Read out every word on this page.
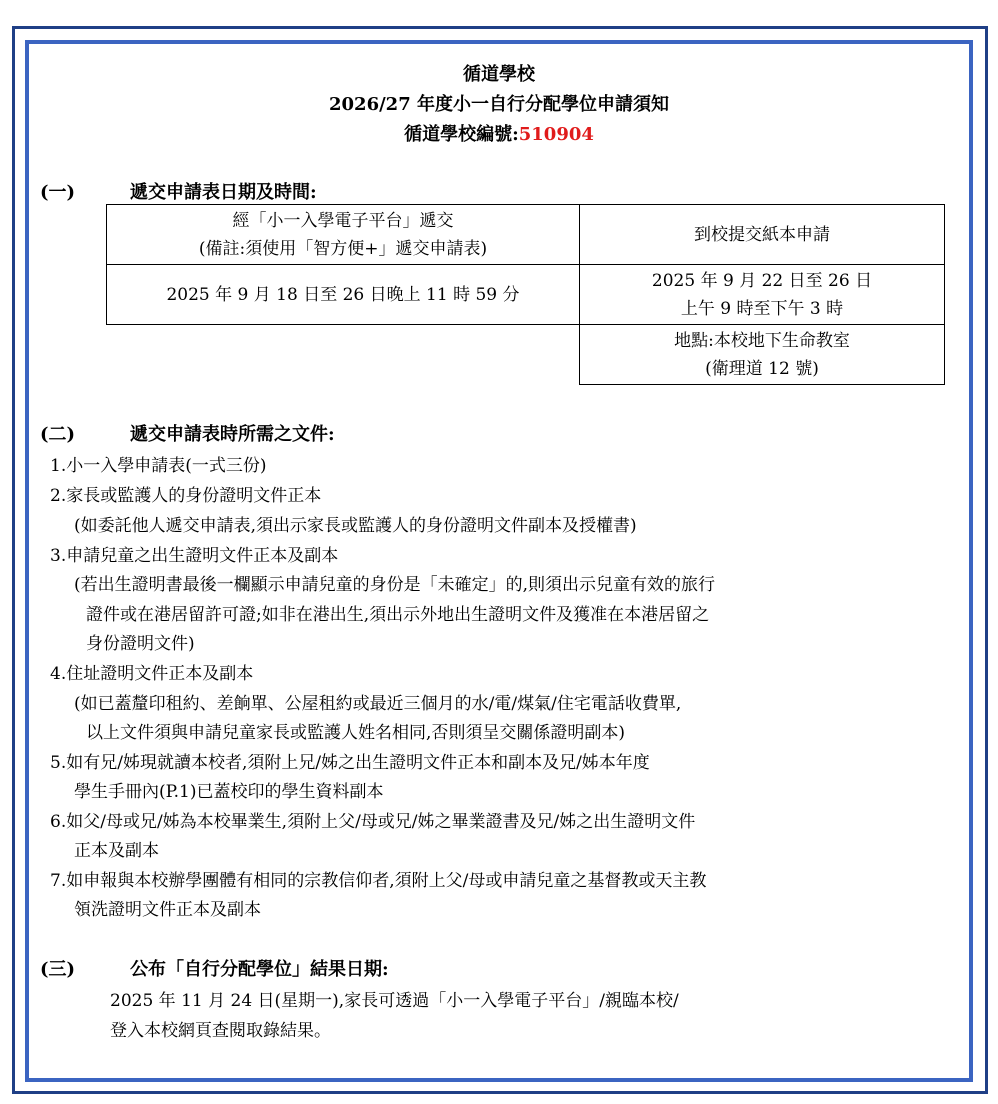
循道學校
2026/27 年度小一自行分配學位申請須知
循道學校編號:510904
(一)	遞交申請表日期及時間:
經「小一入學電子平台」遞交
(備註:須使用「智方便+」遞交申請表)	到校提交紙本申請
2025 年 9 月 18 日至 26 日晚上 11 時 59 分	2025 年 9 月 22 日至 26 日
上午 9 時至下午 3 時

	地點:本校地下生命教室
(衛理道 12 號)
(二)	遞交申請表時所需之文件:
1.小一入學申請表(一式三份)
2.家長或監護人的身份證明文件正本
(如委託他人遞交申請表,須出示家長或監護人的身份證明文件副本及授權書)
3.申請兒童之出生證明文件正本及副本
(若出生證明書最後一欄顯示申請兒童的身份是「未確定」的,則須出示兒童有效的旅行
證件或在港居留許可證;如非在港出生,須出示外地出生證明文件及獲准在本港居留之
身份證明文件)
4.住址證明文件正本及副本
(如已蓋釐印租約、差餉單、公屋租約或最近三個月的水/電/煤氣/住宅電話收費單,
以上文件須與申請兒童家長或監護人姓名相同,否則須呈交關係證明副本)
5.如有兄/姊現就讀本校者,須附上兄/姊之出生證明文件正本和副本及兄/姊本年度
學生手冊內(P.1)已蓋校印的學生資料副本
6.如父/母或兄/姊為本校畢業生,須附上父/母或兄/姊之畢業證書及兄/姊之出生證明文件
正本及副本
7.如申報與本校辦學團體有相同的宗教信仰者,須附上父/母或申請兒童之基督教或天主教
領洗證明文件正本及副本
(三)	公布「自行分配學位」結果日期:
2025 年 11 月 24 日(星期一),家長可透過「小一入學電子平台」/親臨本校/
登入本校網頁查閱取錄結果。
